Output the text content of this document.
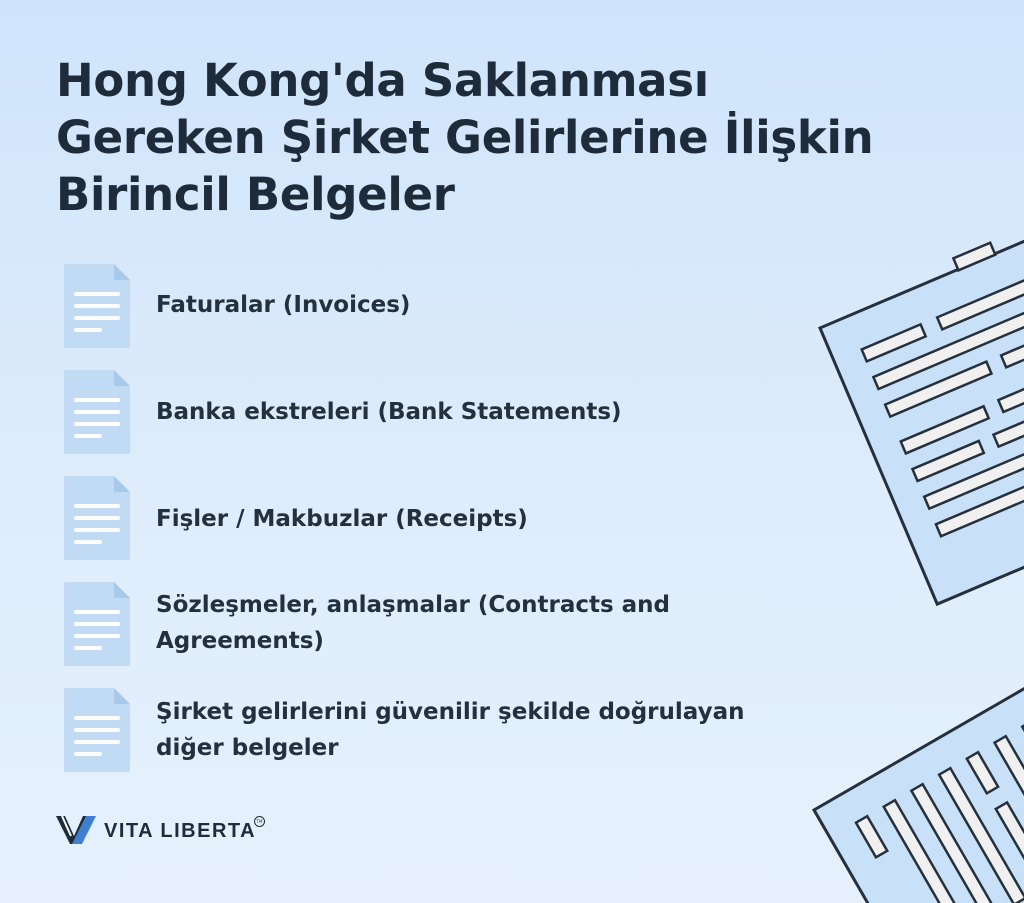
Hong Kong'da Saklanması
Gereken Şirket Gelirlerine İlişkin
Birincil Belgeler
Faturalar (Invoices)
Banka ekstreleri (Bank Statements)
Fişler / Makbuzlar (Receipts)
Sözleşmeler, anlaşmalar (Contracts and
Agreements)
Şirket gelirlerini güvenilir şekilde doğrulayan
diğer belgeler
VITA LIBERTA TM
